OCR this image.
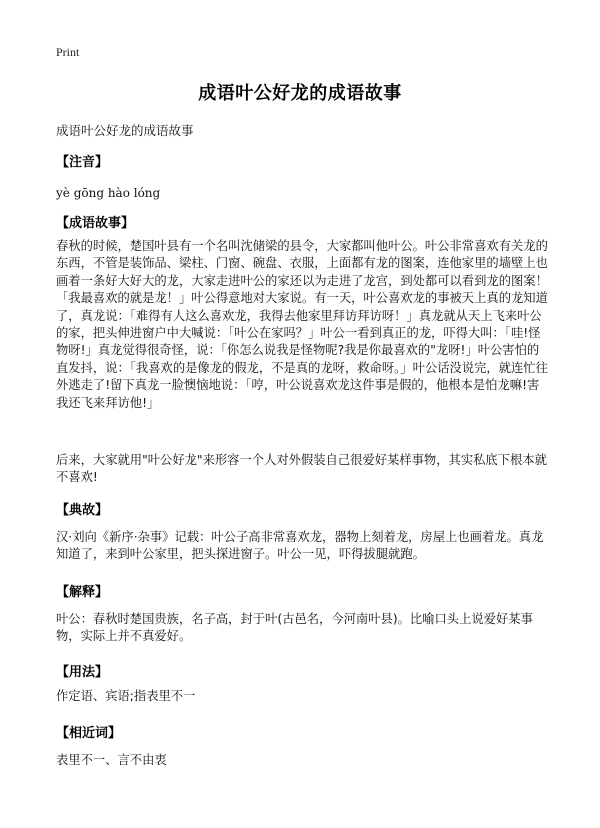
Print
成语叶公好龙的成语故事
成语叶公好龙的成语故事
【注音】
yè gōng hào lóng
【成语故事】
春秋的时候，楚国叶县有一个名叫沈储梁的县令，大家都叫他叶公。叶公非常喜欢有关龙的东西，不管是装饰品、梁柱、门窗、碗盘、衣服，上面都有龙的图案，连他家里的墙壁上也画着一条好大好大的龙，大家走进叶公的家还以为走进了龙宫，到处都可以看到龙的图案！「我最喜欢的就是龙！」叶公得意地对大家说。有一天，叶公喜欢龙的事被天上真的龙知道了，真龙说：「难得有人这么喜欢龙，我得去他家里拜访拜访呀！」真龙就从天上飞来叶公的家，把头伸进窗户中大喊说：「叶公在家吗？」叶公一看到真正的龙，吓得大叫：「哇!怪物呀!」真龙觉得很奇怪，说：「你怎么说我是怪物呢?我是你最喜欢的"龙呀!」叶公害怕的直发抖，说：「我喜欢的是像龙的假龙，不是真的龙呀，救命呀。」叶公话没说完，就连忙往外逃走了!留下真龙一脸懊恼地说：「哼，叶公说喜欢龙这件事是假的，他根本是怕龙嘛!害我还飞来拜访他!」
后来，大家就用"叶公好龙"来形容一个人对外假装自己很爱好某样事物，其实私底下根本就不喜欢!
【典故】
汉·刘向《新序·杂事》记载：叶公子高非常喜欢龙，器物上刻着龙，房屋上也画着龙。真龙知道了，来到叶公家里，把头探进窗子。叶公一见，吓得拔腿就跑。
【解释】
叶公：春秋时楚国贵族，名子高，封于叶(古邑名，今河南叶县)。比喻口头上说爱好某事物，实际上并不真爱好。
【用法】
作定语、宾语;指表里不一
【相近词】
表里不一、言不由衷
